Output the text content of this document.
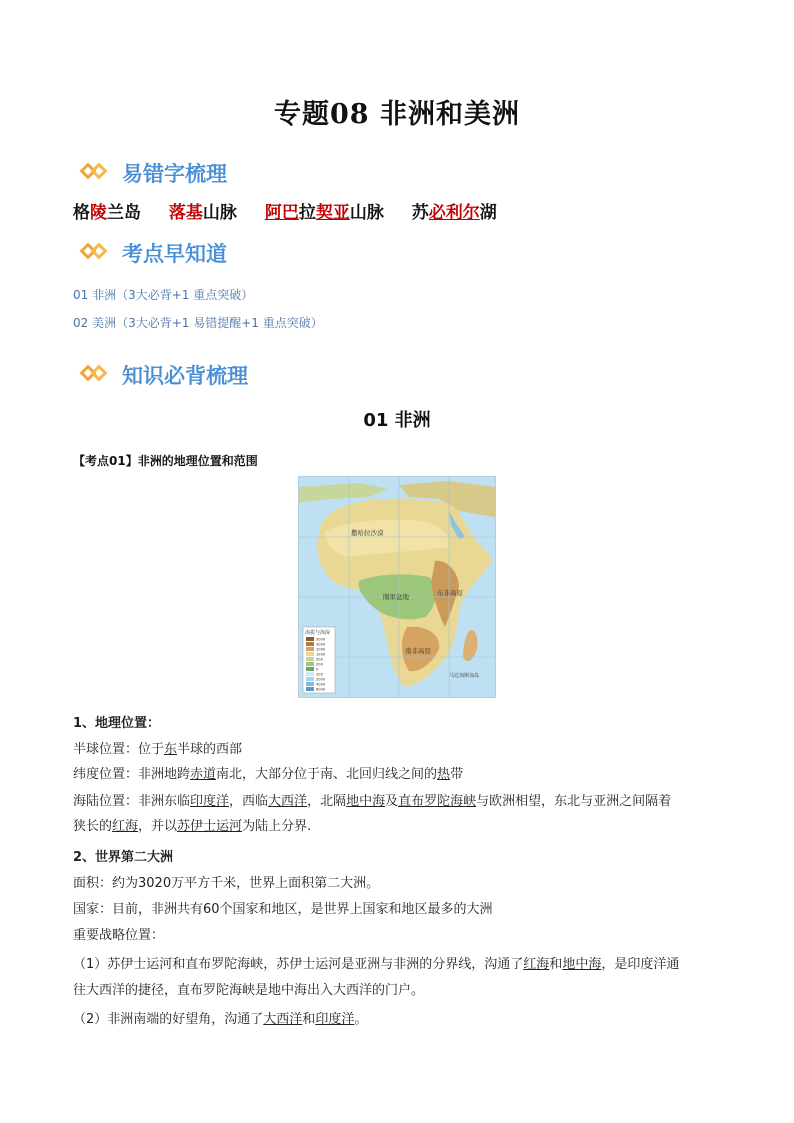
专题08 非洲和美洲
易错字梳理
格陵兰岛 落基山脉 阿巴拉契亚山脉 苏必利尔湖
考点早知道
01 非洲（3大必背+1 重点突破）
02 美洲（3大必背+1 易错提醒+1 重点突破）
知识必背梳理
01 非洲
【考点01】非洲的地理位置和范围
海拔与海深
5000
3000
2000
1000
500
200
0
200
2000
4000
6000
撒哈拉沙漠
刚果盆地	东非高原
南非高原
马达加斯加岛
1、地理位置：
半球位置：位于东半球的西部
纬度位置：非洲地跨赤道南北，大部分位于南、北回归线之间的热带
海陆位置：非洲东临印度洋，西临大西洋，北隔地中海及直布罗陀海峡与欧洲相望，东北与亚洲之间隔着
狭长的红海，并以苏伊士运河为陆上分界.
2、世界第二大洲
面积：约为3020万平方千米，世界上面积第二大洲。
国家：目前，非洲共有60个国家和地区，是世界上国家和地区最多的大洲
重要战略位置：
（1）苏伊士运河和直布罗陀海峡，苏伊士运河是亚洲与非洲的分界线，沟通了红海和地中海，是印度洋通
往大西洋的捷径，直布罗陀海峡是地中海出入大西洋的门户。
（2）非洲南端的好望角，沟通了大西洋和印度洋。
